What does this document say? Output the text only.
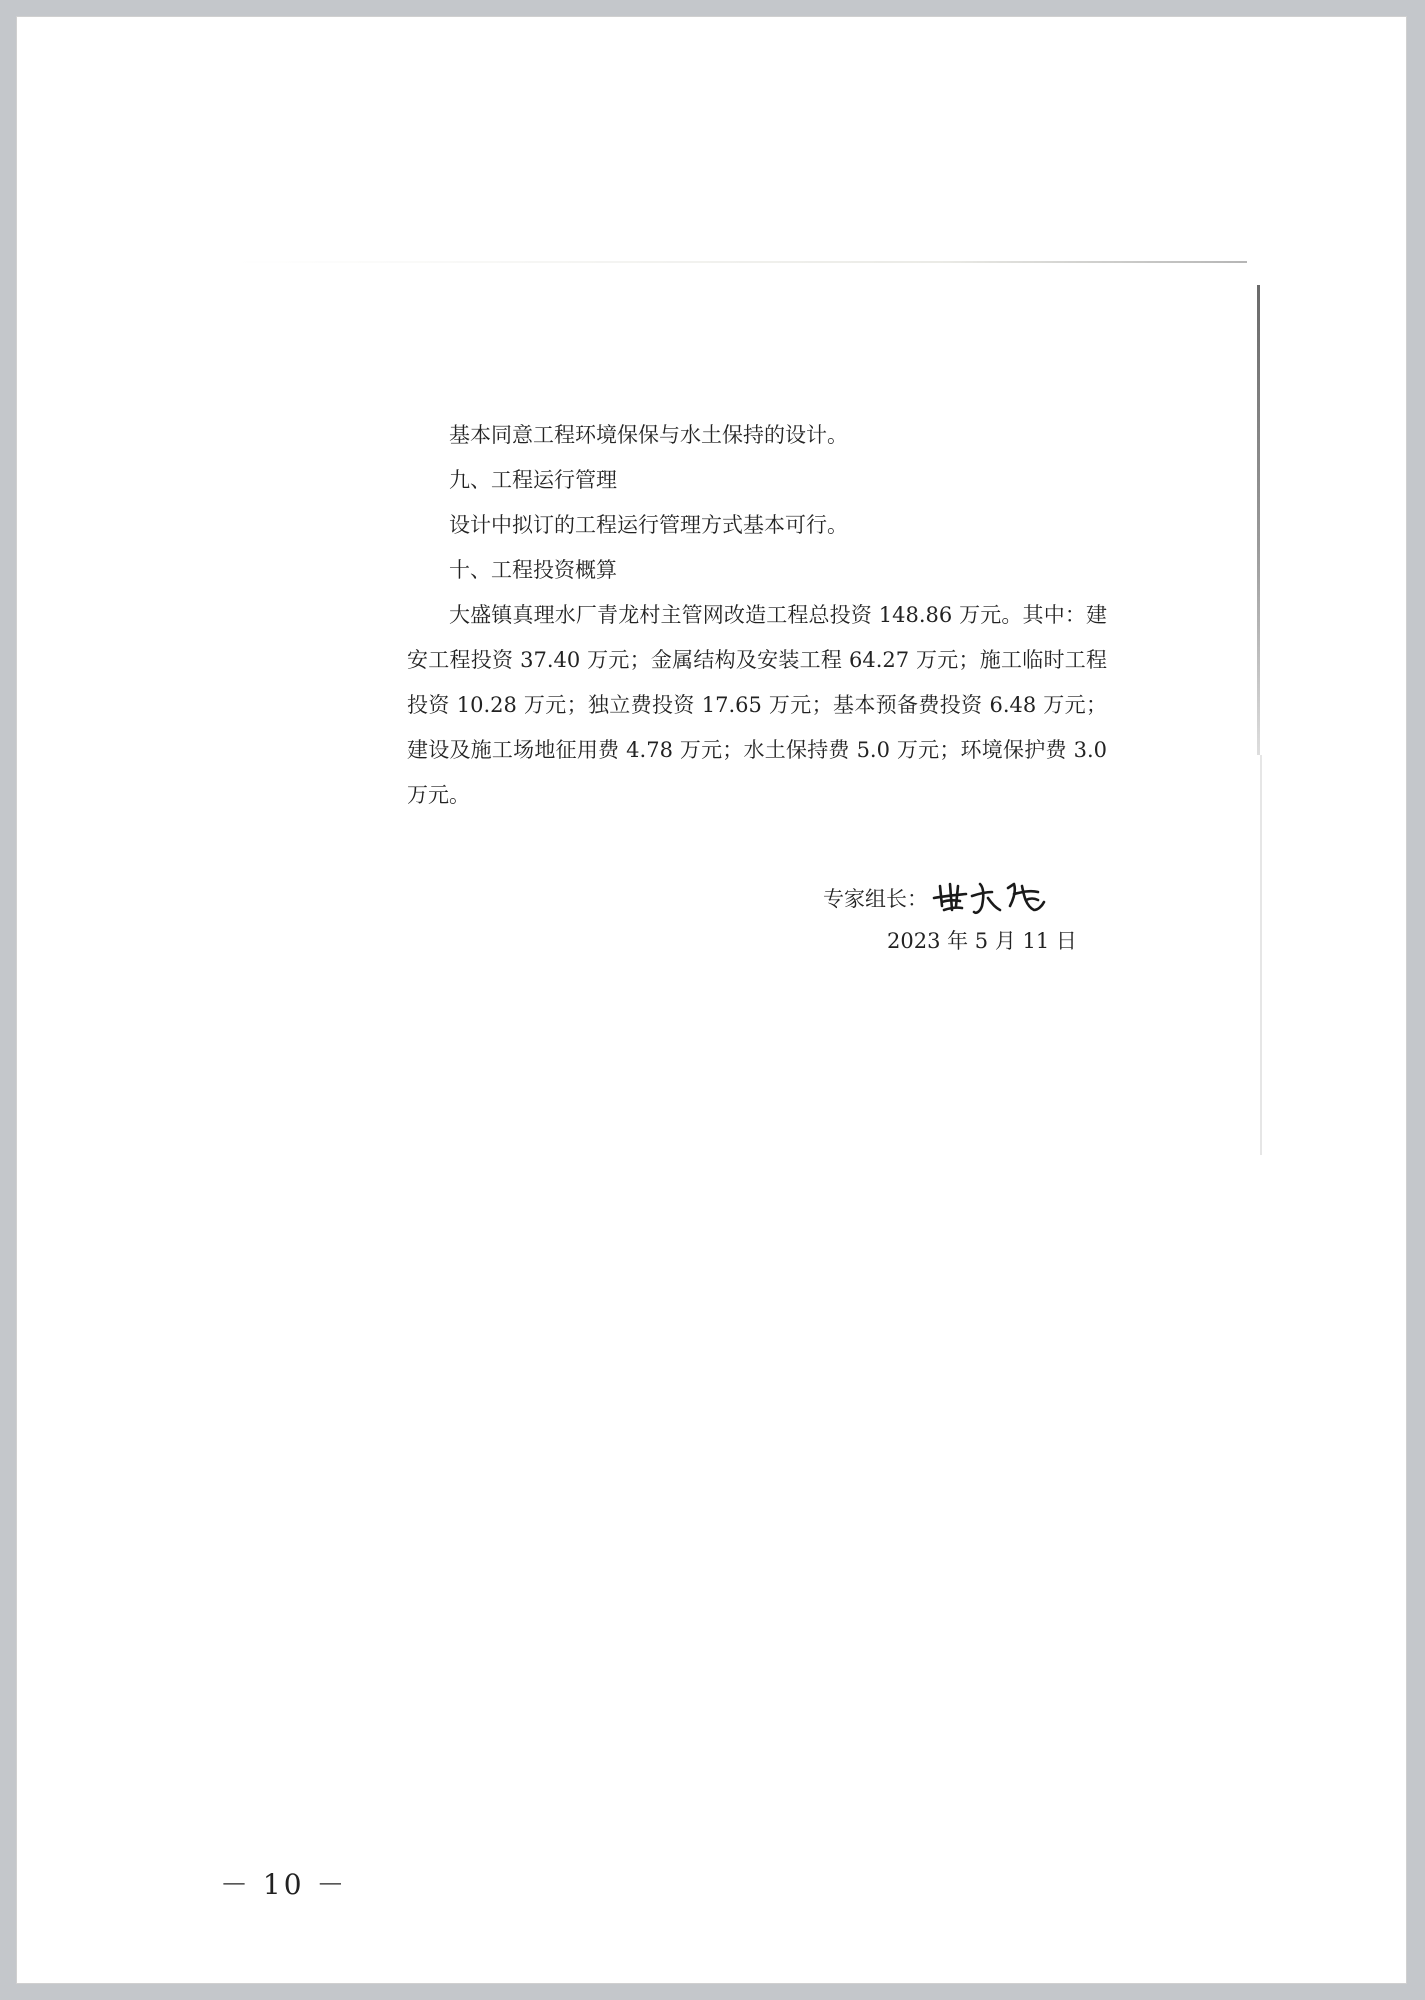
基本同意工程环境保保与水土保持的设计。

九、工程运行管理

设计中拟订的工程运行管理方式基本可行。

十、工程投资概算

大盛镇真理水厂青龙村主管网改造工程总投资 148.86 万元。其中：建安工程投资 37.40 万元；金属结构及安装工程 64.27 万元；施工临时工程投资 10.28 万元；独立费投资 17.65 万元；基本预备费投资 6.48 万元；建设及施工场地征用费 4.78 万元；水土保持费 5.0 万元；环境保护费 3.0 万元。

专家组长：
2023 年 5 月 11 日
－ 10 －
